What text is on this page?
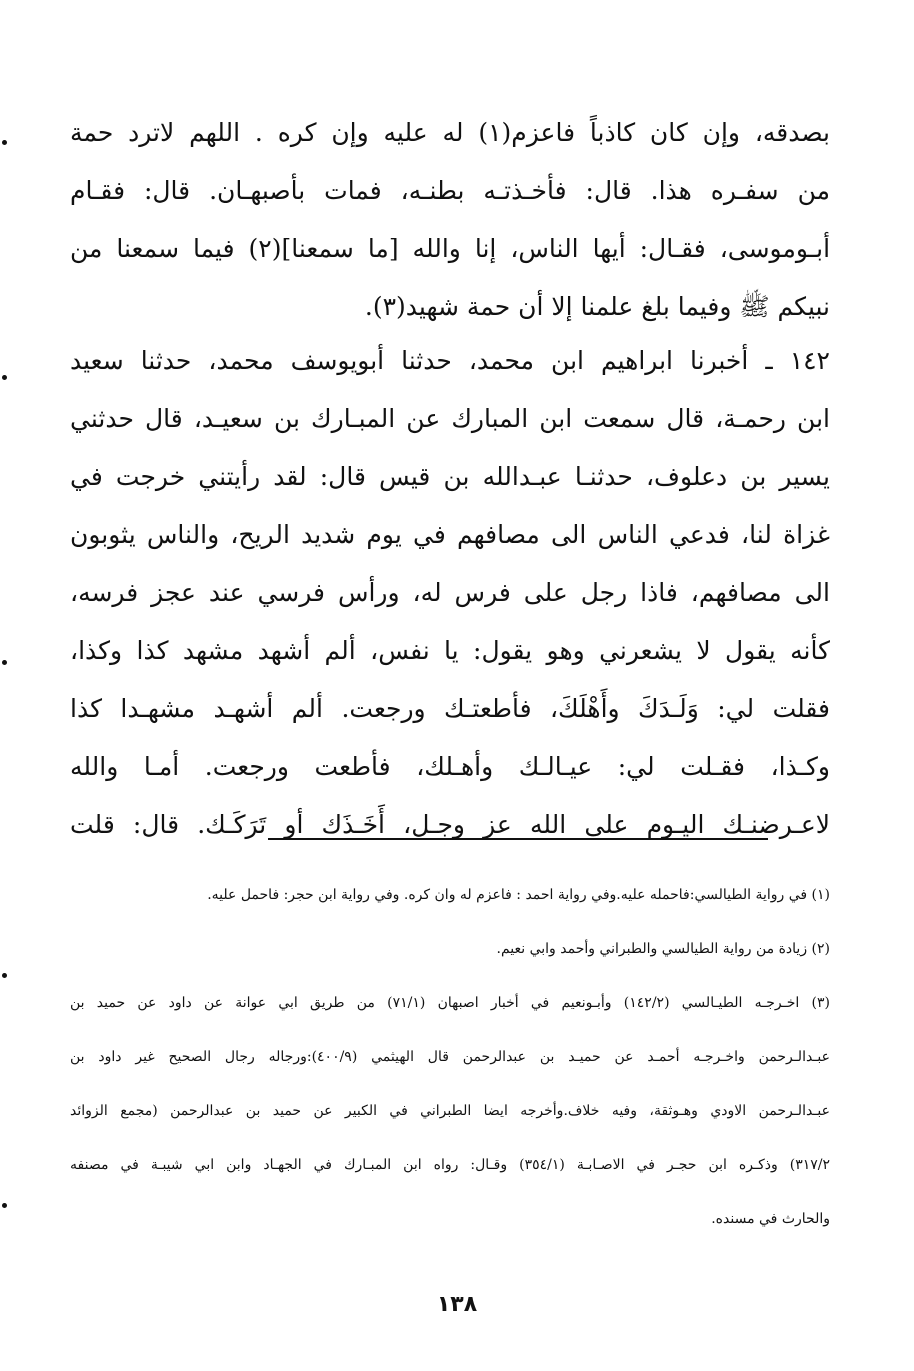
بصدقه، وإن كان كاذباً فاعزم(١) له عليه وإن كره . اللهم لاترد حمة
من سفـره هذا. قال: فأخـذتـه بطنـه، فمات بأصبهـان. قال: فقـام
أبـوموسى، فقـال: أيها الناس، إنا والله [ما سمعنا](٢) فيما سمعنا من
نبيكم ﷺ وفيما بلغ علمنا إلا أن حمة شهيد(٣).
١٤٢ ـ أخبرنا ابراهيم ابن محمد، حدثنا أبويوسف محمد، حدثنا سعيد
ابن رحمـة، قال سمعت ابن المبارك عن المبـارك بن سعيـد، قال حدثني
يسير بن دعلوف، حدثنـا عبـدالله بن قيس قال: لقد رأيتني خرجت في
غزاة لنا، فدعي الناس الى مصافهم في يوم شديد الريح، والناس يثوبون
الى مصافهم، فاذا رجل على فرس له، ورأس فرسي عند عجز فرسه،
كأنه يقول لا يشعرني وهو يقول: يا نفس، ألم أشهد مشهد كذا وكذا،
فقلت لي: وَلَـدَكَ وأَهْلَكَ، فأطعتـك ورجعت. ألم أشهـد مشهـدا كذا
وكـذا، فقـلت لي: عيـالـك وأهـلك، فأطعت ورجعت. أمـا والله
لاعـرضنـك اليـوم على الله عز وجـل، أَخَـذَك أو تَرَكَـك. قال: قلت
(١) في رواية الطيالسي:فاحمله عليه.وفي رواية احمد : فاعزم له وان كره. وفي رواية ابن حجر: فاحمل عليه.
(٢) زيادة من رواية الطيالسي والطبراني وأحمد وابي نعيم.
(٣) اخـرجـه الطيـالسي (١٤٢/٢) وأبـونعيم في أخبار اصبهان (٧١/١) من طريق ابي عوانة عن داود عن حميد بن
عبـدالـرحمن واخـرجـه أحمـد عن حميـد بن عبدالرحمن قال الهيثمي (٤٠٠/٩):ورجاله رجال الصحيح غير داود بن
عبـدالـرحمن الاودي وهـوثقة، وفيه خلاف.وأخرجه ايضا الطبراني في الكبير عن حميد بن عبدالرحمن (مجمع الزوائد
٣١٧/٢) وذكـره ابن حجـر في الاصـابـة (٣٥٤/١) وقـال: رواه ابن المبـارك في الجهـاد وابن ابي شيبـة في مصنفه
والحارث في مسنده.
١٣٨
